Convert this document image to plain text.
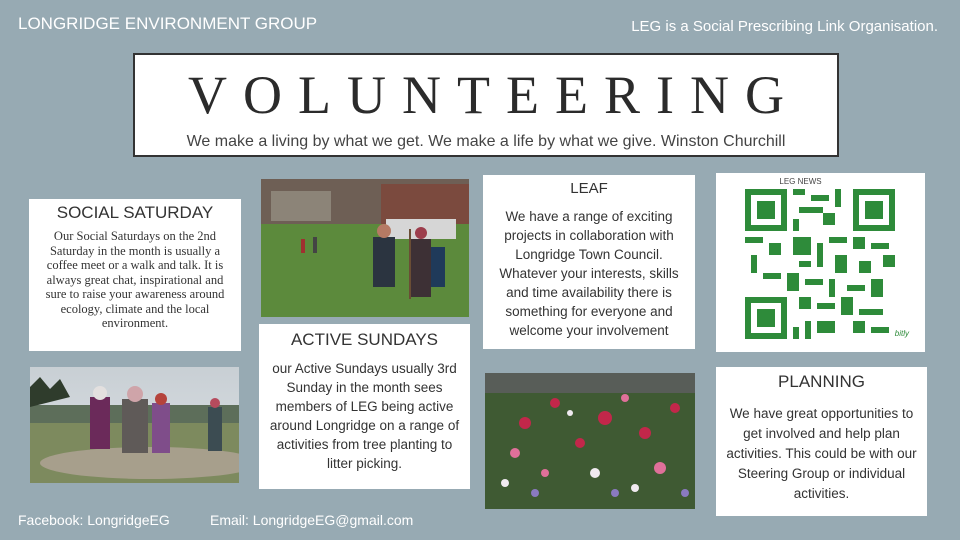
LONGRIDGE ENVIRONMENT GROUP	LEG is a Social Prescribing Link Organisation.
VOLUNTEERING
We make a living by what we get. We make a life by what we give. Winston Churchill
SOCIAL SATURDAY

Our Social Saturdays on the 2nd Saturday in the month is usually a coffee meet or a walk and talk. It is always great chat, inspirational and sure to raise your awareness around ecology, climate and the local environment.

ACTIVE SUNDAYS

our Active Sundays usually 3rd Sunday in the month sees members of LEG being active around Longridge on a range of activities from tree planting to litter picking.

LEAF

We have a range of exciting projects in collaboration with Longridge Town Council. Whatever your interests, skills and time availability there is something for everyone and welcome your involvement

LEG NEWS
bitly
PLANNING

We have great opportunities to get involved and help plan activities. This could be with our Steering Group or individual activities.

Facebook: LongridgeEG	Email: LongridgeEG@gmail.com
